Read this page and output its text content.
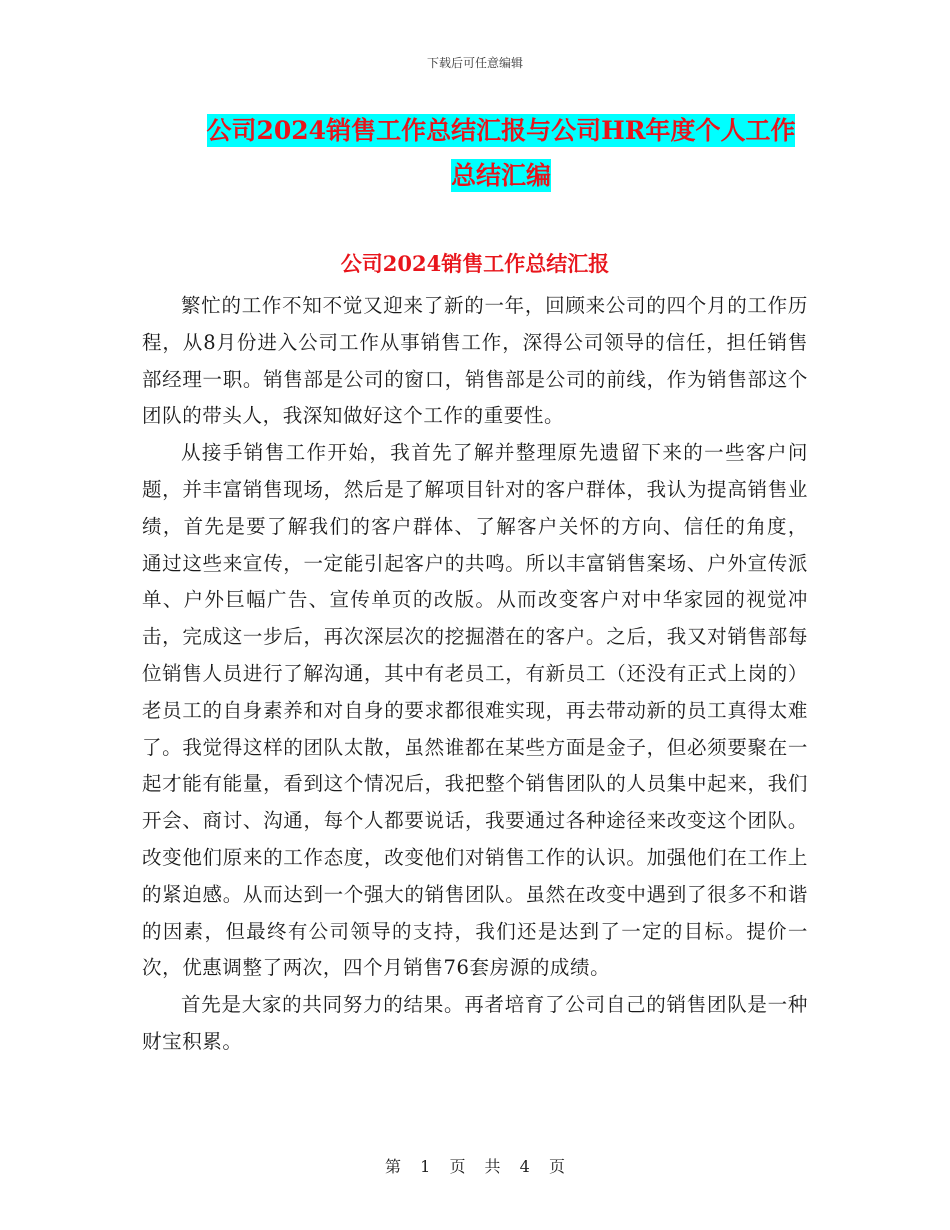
下载后可任意编辑
公司2024销售工作总结汇报与公司HR年度个人工作
总结汇编
公司2024销售工作总结汇报

繁忙的工作不知不觉又迎来了新的一年，回顾来公司的四个月的工作历程，从8月份进入公司工作从事销售工作，深得公司领导的信任，担任销售部经理一职。销售部是公司的窗口，销售部是公司的前线，作为销售部这个团队的带头人，我深知做好这个工作的重要性。

从接手销售工作开始，我首先了解并整理原先遗留下来的一些客户问题，并丰富销售现场，然后是了解项目针对的客户群体，我认为提高销售业绩，首先是要了解我们的客户群体、了解客户关怀的方向、信任的角度， 通过这些来宣传，一定能引起客户的共鸣。所以丰富销售案场、户外宣传派单、户外巨幅广告、宣传单页的改版。从而改变客户对中华家园的视觉冲击，完成这一步后，再次深层次的挖掘潜在的客户。之后，我又对销售部每位销售人员进行了解沟通，其中有老员工，有新员工（还没有正式上岗的）老员工的自身素养和对自身的要求都很难实现，再去带动新的员工真得太难了。我觉得这样的团队太散，虽然谁都在某些方面是金子，但必须要聚在一起才能有能量，看到这个情况后，我把整个销售团队的人员集中起来，我们开会、商讨、沟通，每个人都要说话，我要通过各种途径来改变这个团队。改变他们原来的工作态度，改变他们对销售工作的认识。加强他们在工作上的紧迫感。从而达到一个强大的销售团队。虽然在改变中遇到了很多不和谐的因素，但最终有公司领导的支持，我们还是达到了一定的目标。提价一次，优惠调整了两次，四个月销售76套房源的成绩。

首先是大家的共同努力的结果。再者培育了公司自己的销售团队是一种财宝积累。

第 1 页 共 4 页
